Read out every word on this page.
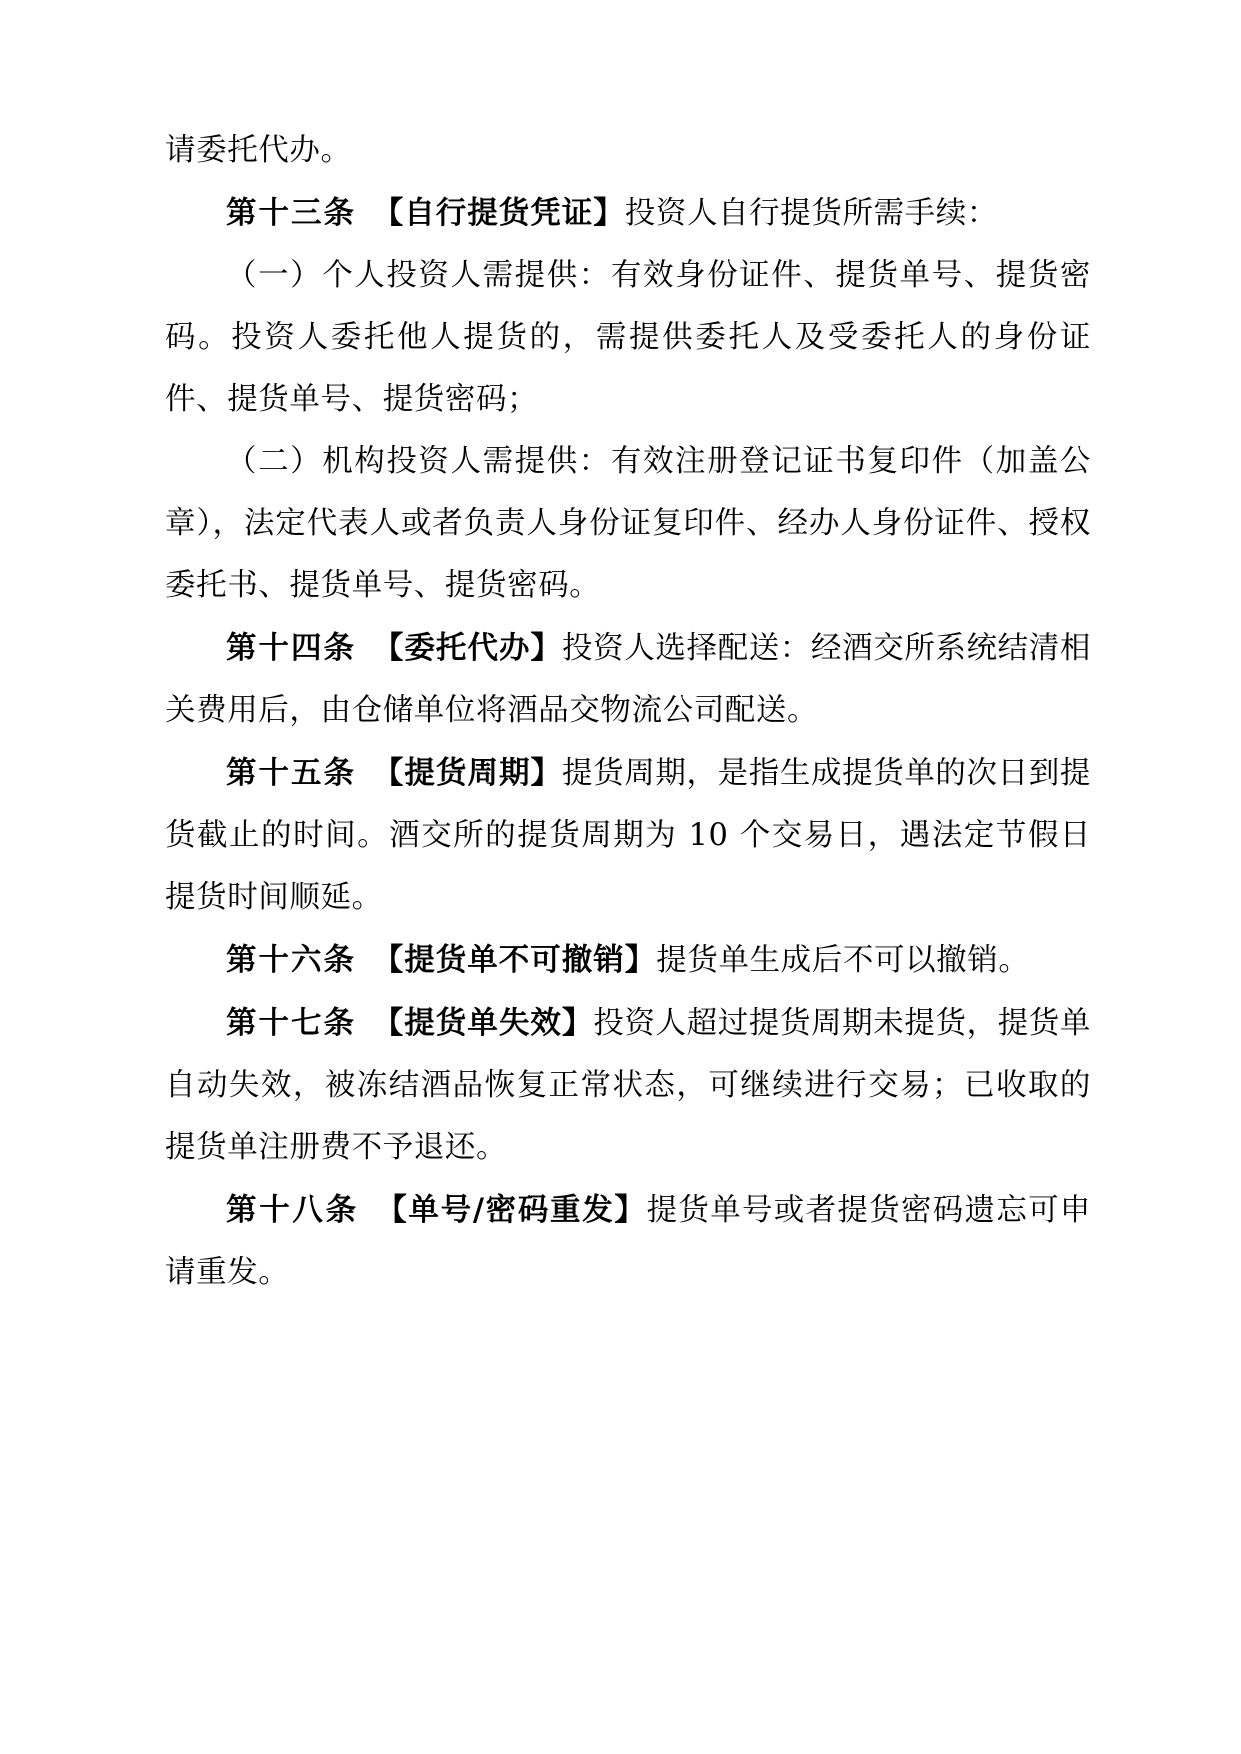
请委托代办。

第十三条 【自行提货凭证】投资人自行提货所需手续：

（一）个人投资人需提供：有效身份证件、提货单号、提货密码。投资人委托他人提货的，需提供委托人及受委托人的身份证件、提货单号、提货密码；

（二）机构投资人需提供：有效注册登记证书复印件（加盖公章），法定代表人或者负责人身份证复印件、经办人身份证件、授权委托书、提货单号、提货密码。

第十四条 【委托代办】投资人选择配送：经酒交所系统结清相关费用后，由仓储单位将酒品交物流公司配送。

第十五条 【提货周期】提货周期，是指生成提货单的次日到提货截止的时间。酒交所的提货周期为 10 个交易日，遇法定节假日提货时间顺延。

第十六条 【提货单不可撤销】提货单生成后不可以撤销。

第十七条 【提货单失效】投资人超过提货周期未提货，提货单自动失效，被冻结酒品恢复正常状态，可继续进行交易；已收取的提货单注册费不予退还。

第十八条 【单号/密码重发】提货单号或者提货密码遗忘可申请重发。
